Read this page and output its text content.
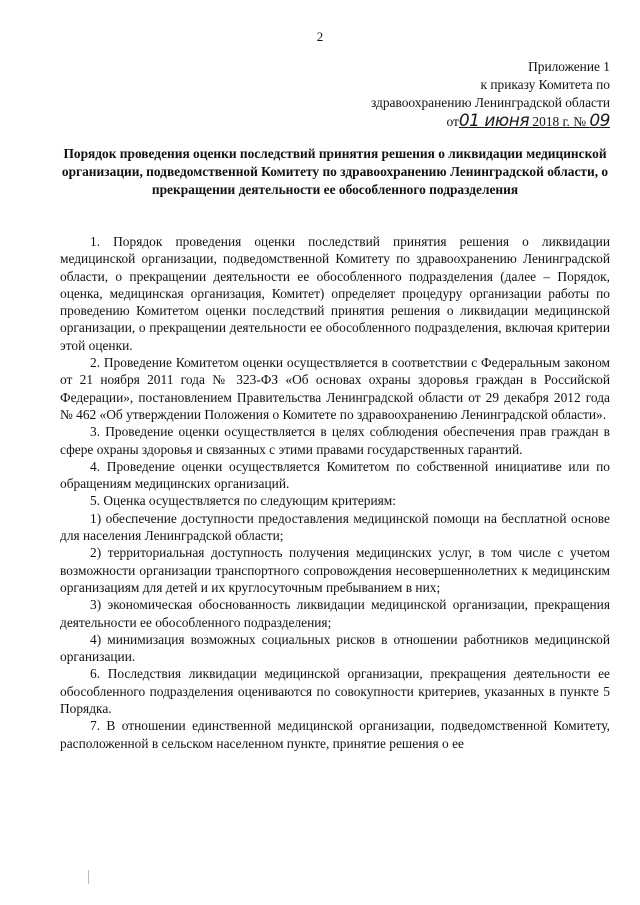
2
Приложение 1
к приказу Комитета по
здравоохранению Ленинградской области
от01 июня 2018 г. № 09
Порядок проведения оценки последствий принятия решения о ликвидации медицинской организации, подведомственной Комитету по здравоохранению Ленинградской области, о прекращении деятельности ее обособленного подразделения

1. Порядок проведения оценки последствий принятия решения о ликвидации медицинской организации, подведомственной Комитету по здравоохранению Ленинградской области, о прекращении деятельности ее обособленного подразделения (далее – Порядок, оценка, медицинская организация, Комитет) определяет процедуру организации работы по проведению Комитетом оценки последствий принятия решения о ликвидации медицинской организации, о прекращении деятельности ее обособленного подразделения, включая критерии этой оценки.

2. Проведение Комитетом оценки осуществляется в соответствии с Федеральным законом от 21 ноября 2011 года № 323-ФЗ «Об основах охраны здоровья граждан в Российской Федерации», постановлением Правительства Ленинградской области от 29 декабря 2012 года № 462 «Об утверждении Положения о Комитете по здравоохранению Ленинградской области».

3. Проведение оценки осуществляется в целях соблюдения обеспечения прав граждан в сфере охраны здоровья и связанных с этими правами государственных гарантий.

4. Проведение оценки осуществляется Комитетом по собственной инициативе или по обращениям медицинских организаций.

5. Оценка осуществляется по следующим критериям:

1) обеспечение доступности предоставления медицинской помощи на бесплатной основе для населения Ленинградской области;

2) территориальная доступность получения медицинских услуг, в том числе с учетом возможности организации транспортного сопровождения несовершеннолетних к медицинским организациям для детей и их круглосуточным пребыванием в них;

3) экономическая обоснованность ликвидации медицинской организации, прекращения деятельности ее обособленного подразделения;

4) минимизация возможных социальных рисков в отношении работников медицинской организации.

6. Последствия ликвидации медицинской организации, прекращения деятельности ее обособленного подразделения оцениваются по совокупности критериев, указанных в пункте 5 Порядка.

7. В отношении единственной медицинской организации, подведомственной Комитету, расположенной в сельском населенном пункте, принятие решения о ее
